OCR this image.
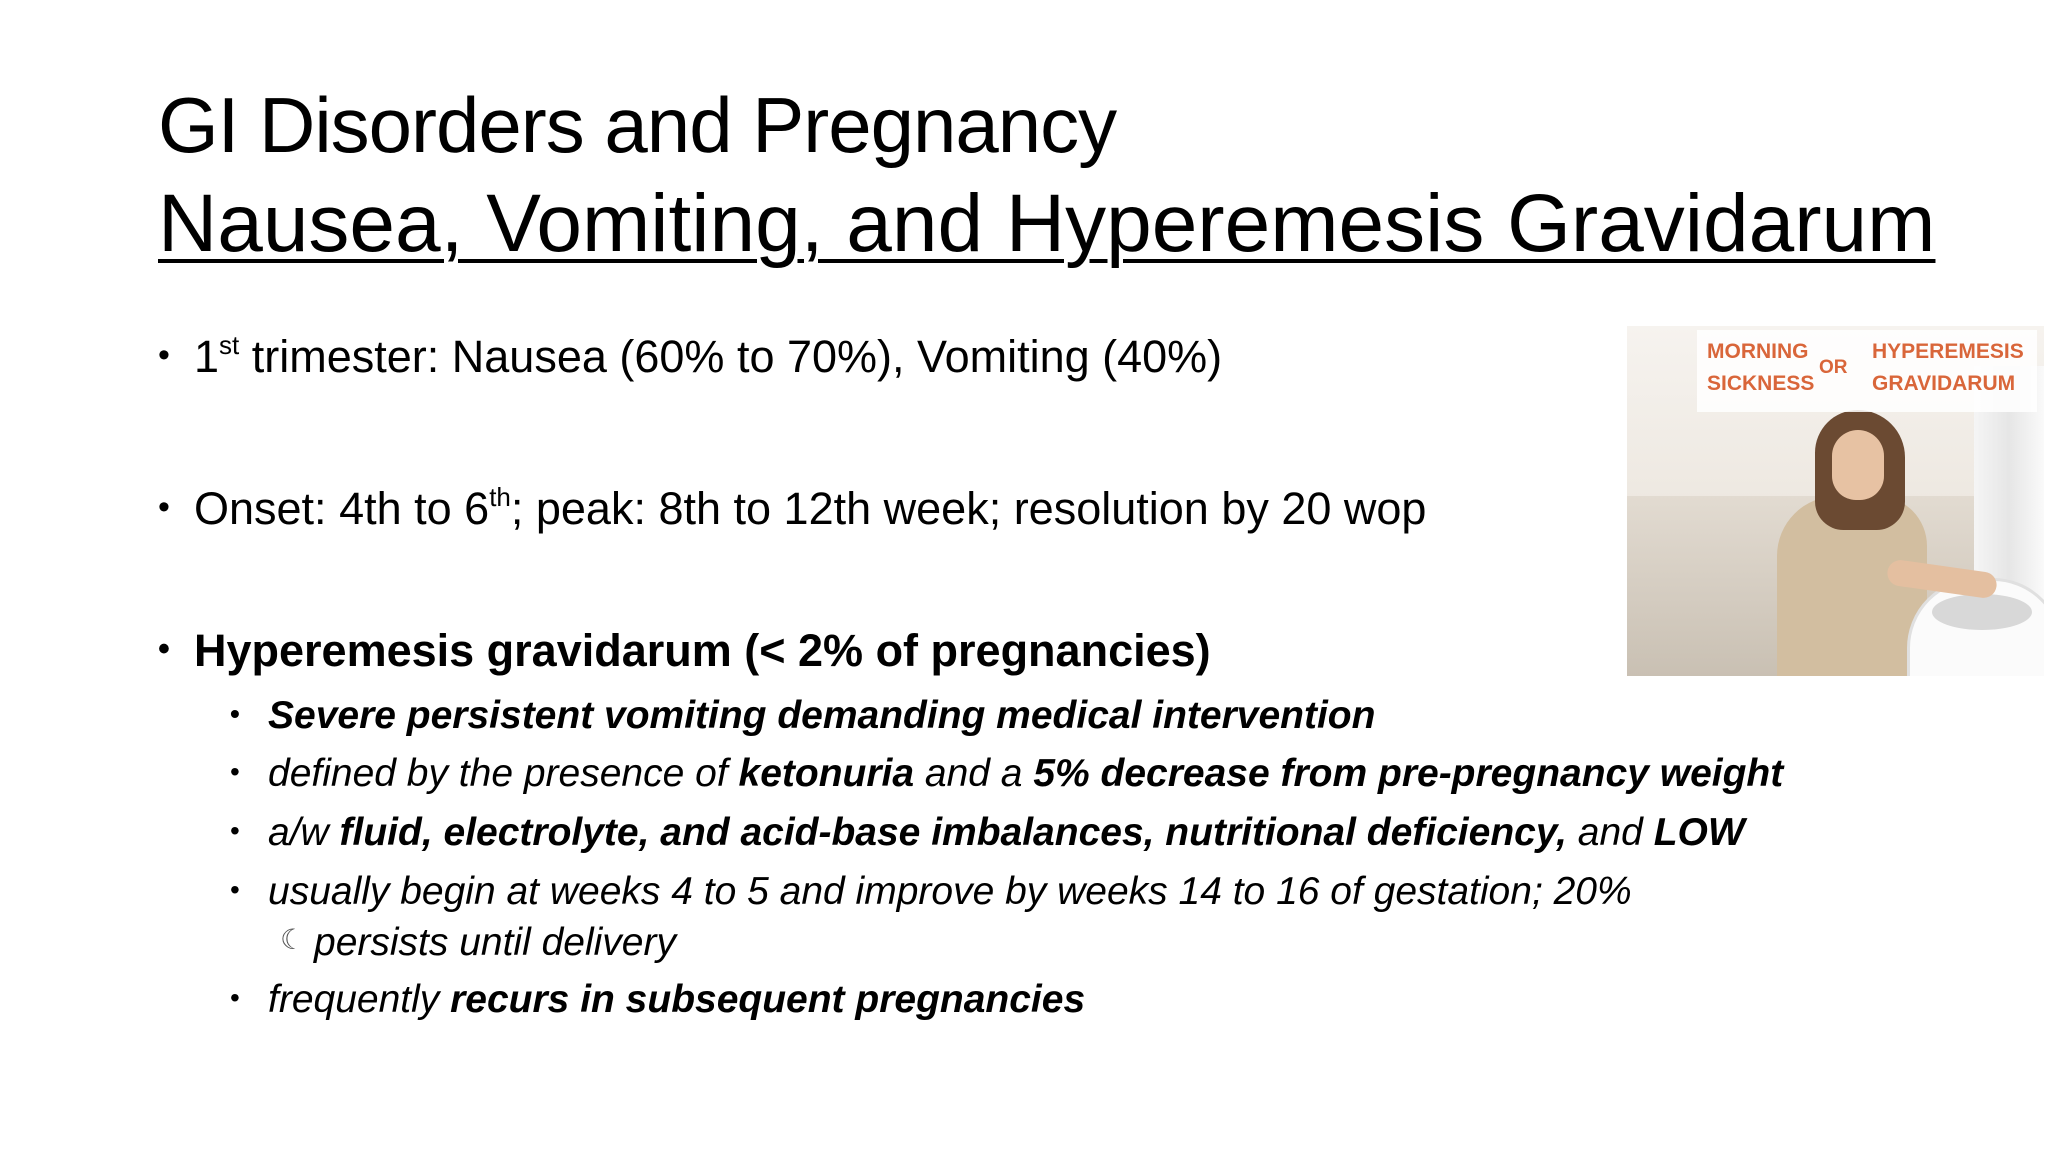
GI Disorders and Pregnancy
Nausea, Vomiting, and Hyperemesis Gravidarum
• 1st trimester: Nausea (60% to 70%), Vomiting (40%)
• Onset: 4th to 6th; peak: 8th to 12th week; resolution by 20 wop
• Hyperemesis gravidarum (< 2% of pregnancies)
• Severe persistent vomiting demanding medical intervention
• defined by the presence of ketonuria and a 5% decrease from pre-pregnancy weight
• a/w fluid, electrolyte, and acid-base imbalances, nutritional deficiency, and LOW
• usually begin at weeks 4 to 5 and improve by weeks 14 to 16 of gestation; 20%
☾ persists until delivery
• frequently recurs in subsequent pregnancies
MORNING
SICKNESS
OR
HYPEREMESIS
GRAVIDARUM
